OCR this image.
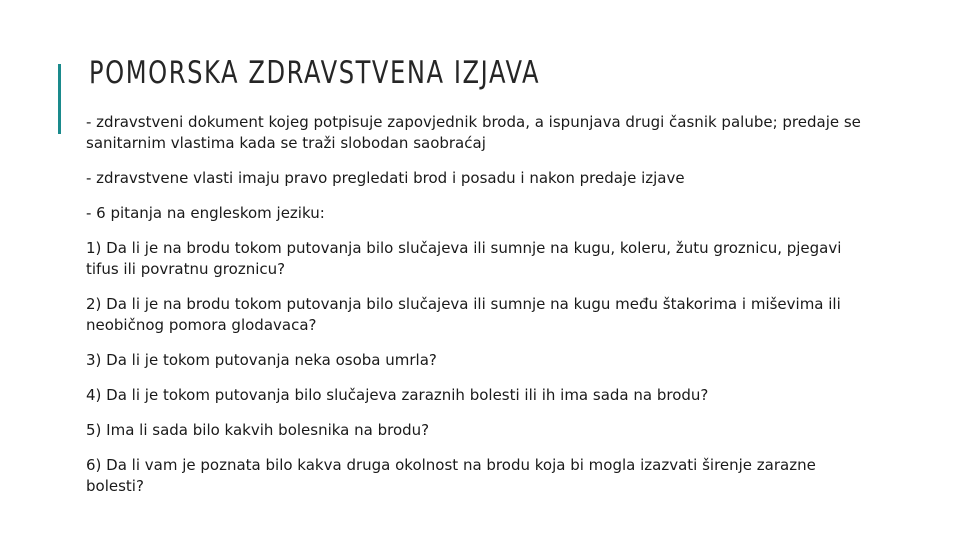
POMORSKA ZDRAVSTVENA IZJAVA

- zdravstveni dokument kojeg potpisuje zapovjednik broda, a ispunjava drugi časnik palube; predaje se sanitarnim vlastima kada se traži slobodan saobraćaj

- zdravstvene vlasti imaju pravo pregledati brod i posadu i nakon predaje izjave

- 6 pitanja na engleskom jeziku:

1) Da li je na brodu tokom putovanja bilo slučajeva ili sumnje na kugu, koleru, žutu groznicu, pjegavi tifus ili povratnu groznicu?

2) Da li je na brodu tokom putovanja bilo slučajeva ili sumnje na kugu među štakorima i miševima ili neobičnog pomora glodavaca?

3) Da li je tokom putovanja neka osoba umrla?

4) Da li je tokom putovanja bilo slučajeva zaraznih bolesti ili ih ima sada na brodu?

5) Ima li sada bilo kakvih bolesnika na brodu?

6) Da li vam je poznata bilo kakva druga okolnost na brodu koja bi mogla izazvati širenje zarazne bolesti?
